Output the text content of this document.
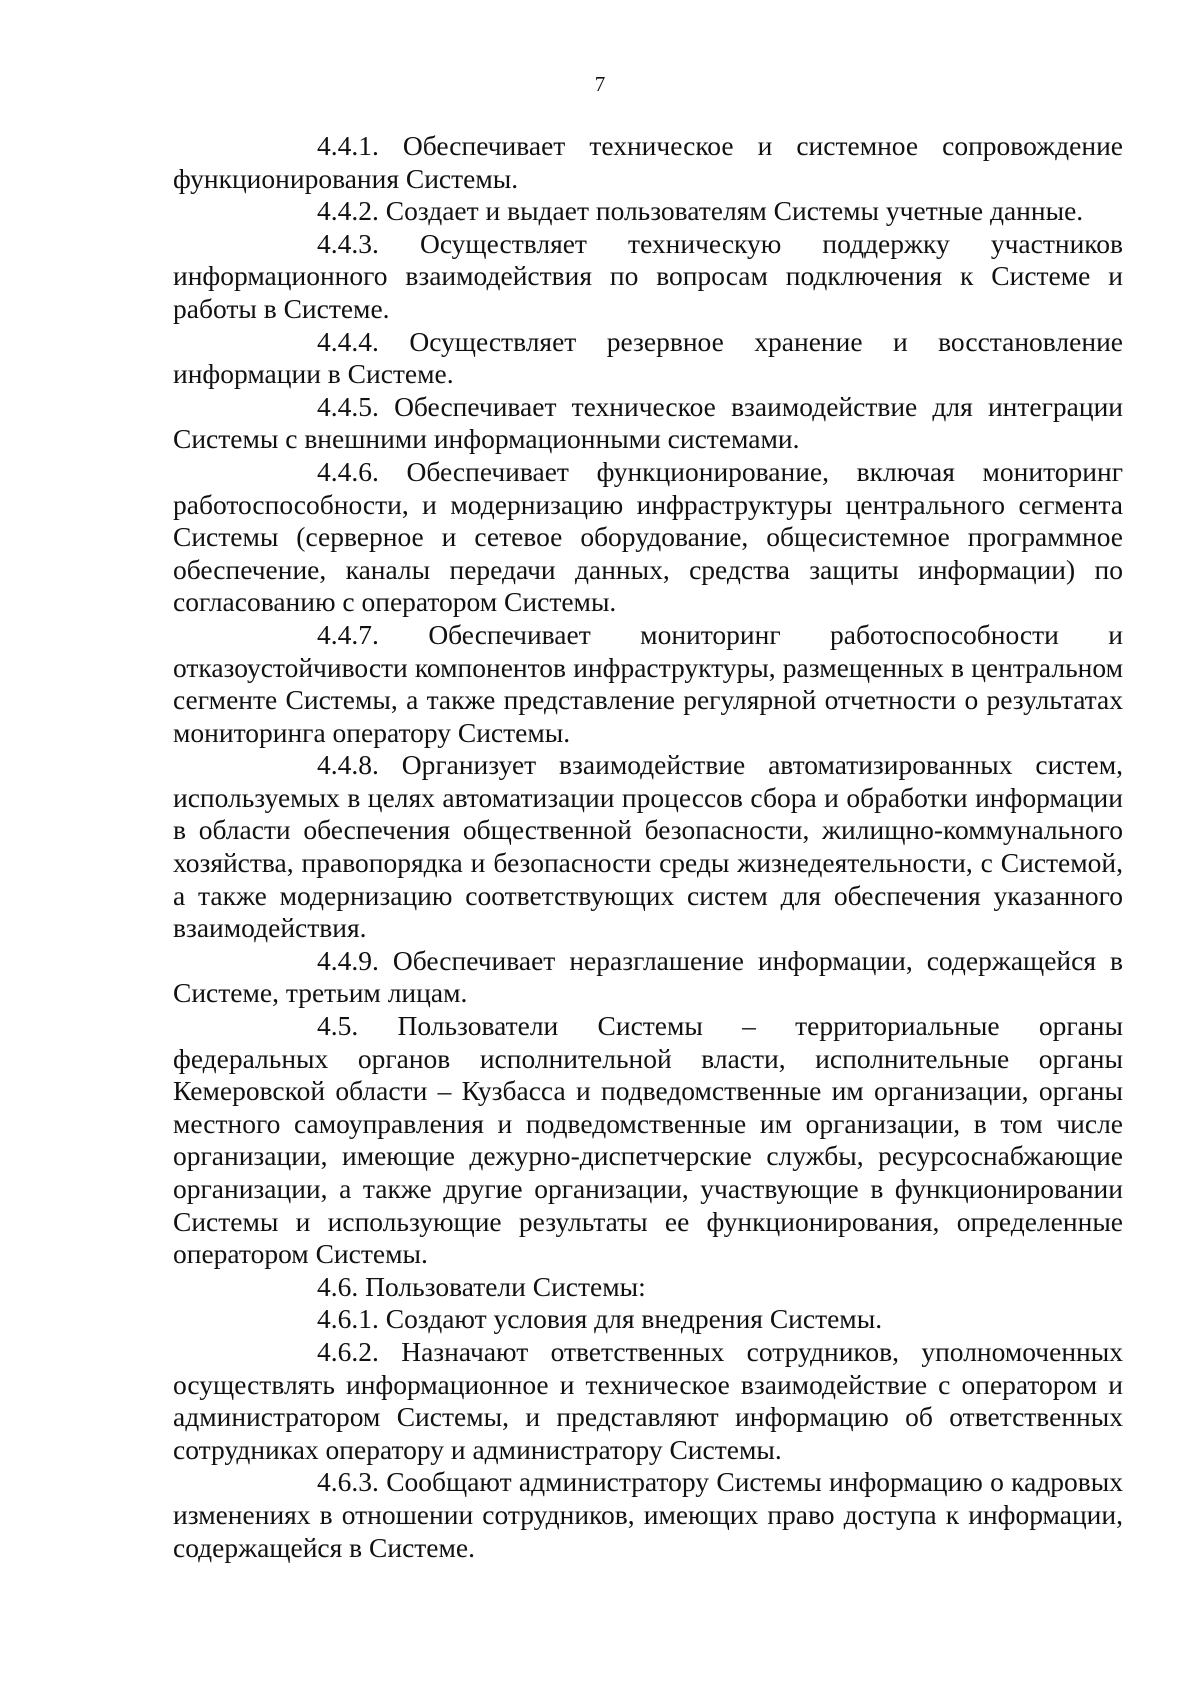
7

4.4.1. Обеспечивает техническое и системное сопровождение функционирования Системы.

4.4.2. Создает и выдает пользователям Системы учетные данные.

4.4.3. Осуществляет техническую поддержку участников информационного взаимодействия по вопросам подключения к Системе и работы в Системе.

4.4.4. Осуществляет резервное хранение и восстановление информации в Системе.

4.4.5. Обеспечивает техническое взаимодействие для интеграции Системы с внешними информационными системами.

4.4.6. Обеспечивает функционирование, включая мониторинг работоспособности, и модернизацию инфраструктуры центрального сегмента Системы (серверное и сетевое оборудование, общесистемное программное обеспечение, каналы передачи данных, средства защиты информации) по согласованию с оператором Системы.

4.4.7. Обеспечивает мониторинг работоспособности и отказоустойчивости компонентов инфраструктуры, размещенных в центральном сегменте Системы, а также представление регулярной отчетности о результатах мониторинга оператору Системы.

4.4.8. Организует взаимодействие автоматизированных систем, используемых в целях автоматизации процессов сбора и обработки информации в области обеспечения общественной безопасности, жилищно-коммунального хозяйства, правопорядка и безопасности среды жизнедеятельности, с Системой, а также модернизацию соответствующих систем для обеспечения указанного взаимодействия.

4.4.9. Обеспечивает неразглашение информации, содержащейся в Системе, третьим лицам.

4.5. Пользователи Системы – территориальные органы федеральных органов исполнительной власти, исполнительные органы Кемеровской области – Кузбасса и подведомственные им организации, органы местного самоуправления и подведомственные им организации, в том числе организации, имеющие дежурно-диспетчерские службы, ресурсоснабжающие организации, а также другие организации, участвующие в функционировании Системы и использующие результаты ее функционирования, определенные оператором Системы.

4.6. Пользователи Системы:

4.6.1. Создают условия для внедрения Системы.

4.6.2. Назначают ответственных сотрудников, уполномоченных осуществлять информационное и техническое взаимодействие с оператором и администратором Системы, и представляют информацию об ответственных сотрудниках оператору и администратору Системы.

4.6.3. Сообщают администратору Системы информацию о кадровых изменениях в отношении сотрудников, имеющих право доступа к информации, содержащейся в Системе.
